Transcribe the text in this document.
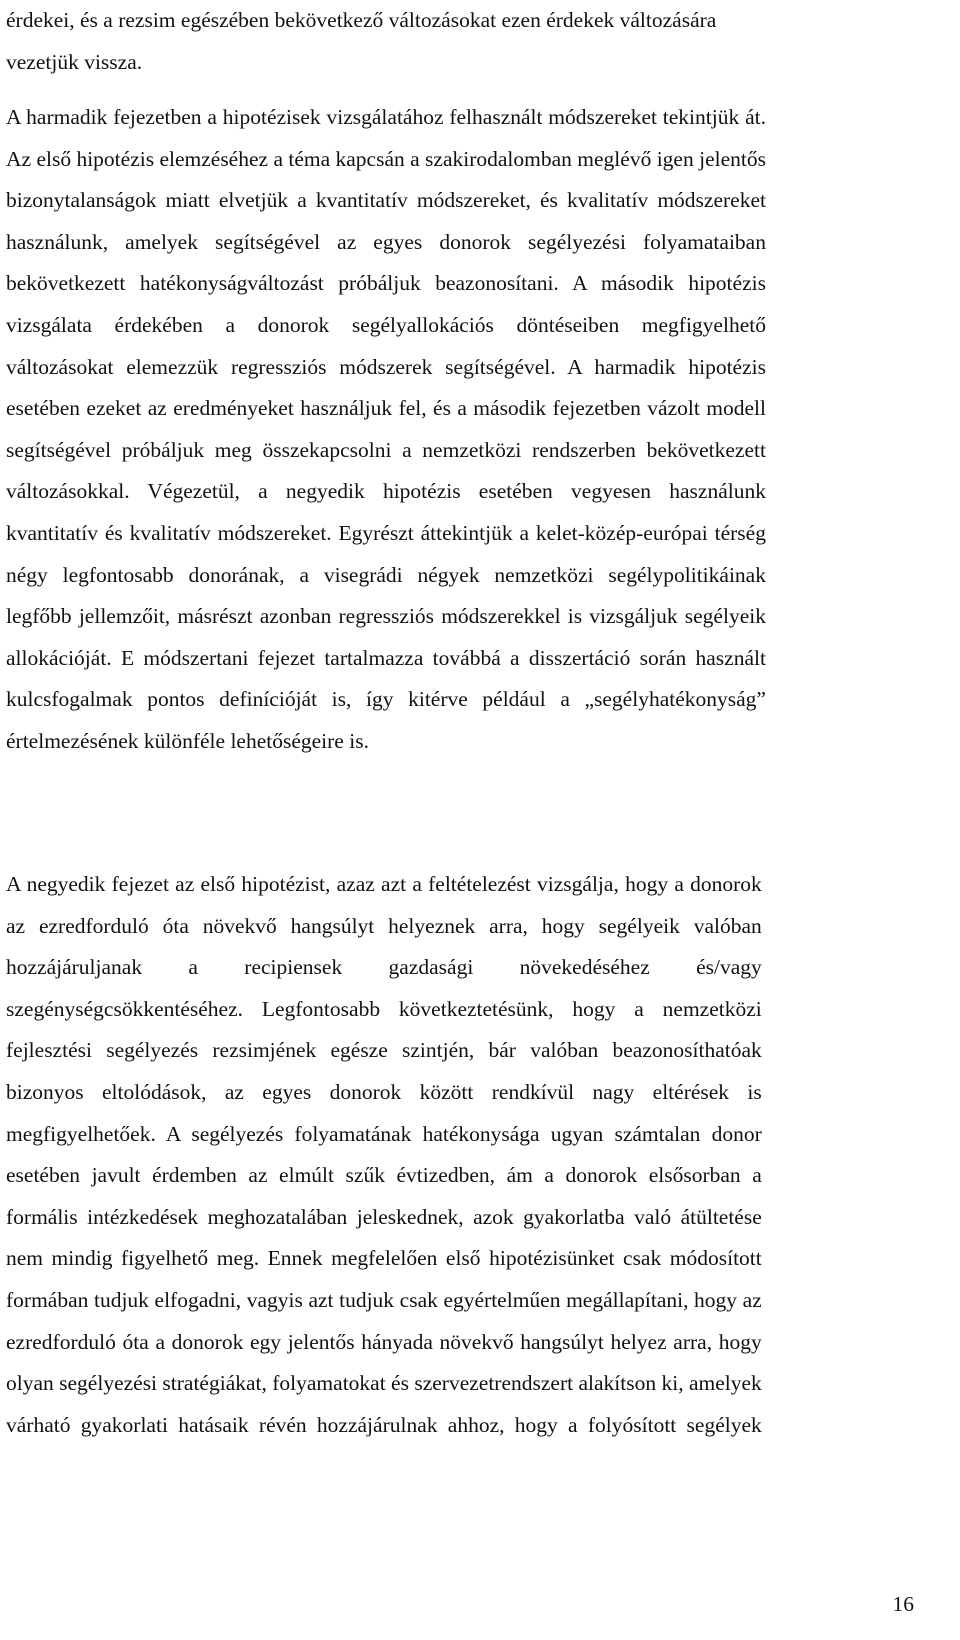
érdekei, és a rezsim egészében bekövetkező változásokat ezen érdekek változására
vezetjük vissza.

A harmadik fejezetben a hipotézisek vizsgálatához felhasznált módszereket tekintjük át.
Az első hipotézis elemzéséhez a téma kapcsán a szakirodalomban meglévő igen jelentős
bizonytalanságok miatt elvetjük a kvantitatív módszereket, és kvalitatív módszereket
használunk, amelyek segítségével az egyes donorok segélyezési folyamataiban
bekövetkezett hatékonyságváltozást próbáljuk beazonosítani. A második hipotézis
vizsgálata érdekében a donorok segélyallokációs döntéseiben megfigyelhető
változásokat elemezzük regressziós módszerek segítségével. A harmadik hipotézis
esetében ezeket az eredményeket használjuk fel, és a második fejezetben vázolt modell
segítségével próbáljuk meg összekapcsolni a nemzetközi rendszerben bekövetkezett
változásokkal. Végezetül, a negyedik hipotézis esetében vegyesen használunk
kvantitatív és kvalitatív módszereket. Egyrészt áttekintjük a kelet-közép-európai térség
négy legfontosabb donorának, a visegrádi négyek nemzetközi segélypolitikáinak
legfőbb jellemzőit, másrészt azonban regressziós módszerekkel is vizsgáljuk segélyeik
allokációját. E módszertani fejezet tartalmazza továbbá a disszertáció során használt
kulcsfogalmak pontos definícióját is, így kitérve például a „segélyhatékonyság”
értelmezésének különféle lehetőségeire is.

A negyedik fejezet az első hipotézist, azaz azt a feltételezést vizsgálja, hogy a donorok
az ezredforduló óta növekvő hangsúlyt helyeznek arra, hogy segélyeik valóban
hozzájáruljanak a recipiensek gazdasági növekedéséhez és/vagy
szegénységcsökkentéséhez. Legfontosabb következtetésünk, hogy a nemzetközi
fejlesztési segélyezés rezsimjének egésze szintjén, bár valóban beazonosíthatóak
bizonyos eltolódások, az egyes donorok között rendkívül nagy eltérések is
megfigyelhetőek. A segélyezés folyamatának hatékonysága ugyan számtalan donor
esetében javult érdemben az elmúlt szűk évtizedben, ám a donorok elsősorban a
formális intézkedések meghozatalában jeleskednek, azok gyakorlatba való átültetése
nem mindig figyelhető meg. Ennek megfelelően első hipotézisünket csak módosított
formában tudjuk elfogadni, vagyis azt tudjuk csak egyértelműen megállapítani, hogy az
ezredforduló óta a donorok egy jelentős hányada növekvő hangsúlyt helyez arra, hogy
olyan segélyezési stratégiákat, folyamatokat és szervezetrendszert alakítson ki, amelyek
várható gyakorlati hatásaik révén hozzájárulnak ahhoz, hogy a folyósított segélyek

16
